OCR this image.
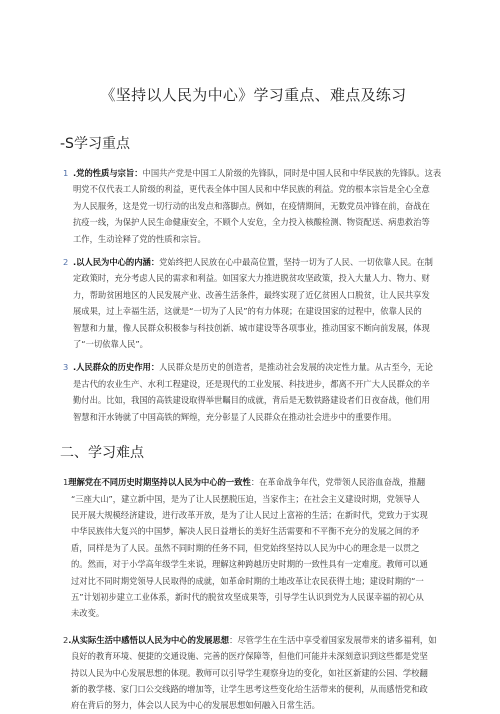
《坚持以人民为中心》学习重点、难点及练习
-S学习重点
1 .党的性质与宗旨：中国共产党是中国工人阶级的先锋队，同时是中国人民和中华民族的先锋队。这表

明党不仅代表工人阶级的利益，更代表全体中国人民和中华民族的利益。党的根本宗旨是全心全意

为人民服务，这是党一切行动的出发点和落脚点。例如，在疫情期间，无数党员冲锋在前，奋战在

抗疫一线，为保护人民生命健康安全，不顾个人安危，全力投入核酸检测、物资配送、病患救治等

工作，生动诠释了党的性质和宗旨。

2 .以人民为中心的内涵：党始终把人民放在心中最高位置，坚持一切为了人民、一切依靠人民。在制

定政策时，充分考虑人民的需求和利益。如国家大力推进脱贫攻坚政策，投入大量人力、物力、财

力，帮助贫困地区的人民发展产业、改善生活条件，最终实现了近亿贫困人口脱贫，让人民共享发

展成果，过上幸福生活，这就是“一切为了人民”的有力体现；在建设国家的过程中，依靠人民的

智慧和力量，像人民群众积极参与科技创新、城市建设等各项事业，推动国家不断向前发展，体现

了“一切依靠人民”。

3 .人民群众的历史作用：人民群众是历史的创造者，是推动社会发展的决定性力量。从古至今，无论

是古代的农业生产、水利工程建设，还是现代的工业发展、科技进步，都离不开广大人民群众的辛

勤付出。比如，我国的高铁建设取得举世瞩目的成就，背后是无数铁路建设者们日夜奋战，他们用

智慧和汗水铸就了中国高铁的辉煌，充分彰显了人民群众在推动社会进步中的重要作用。

二、学习难点

1理解党在不同历史时期坚持以人民为中心的一致性：在革命战争年代，党带领人民浴血奋战，推翻

“三座大山”，建立新中国，是为了让人民摆脱压迫，当家作主；在社会主义建设时期，党领导人

民开展大规模经济建设，进行改革开放，是为了让人民过上富裕的生活；在新时代，党致力于实现

中华民族伟大复兴的中国梦，解决人民日益增长的美好生活需要和不平衡不充分的发展之间的矛

盾，同样是为了人民。虽然不同时期的任务不同，但党始终坚持以人民为中心的理念是一以贯之

的。然而，对于小学高年级学生来说，理解这种跨越历史时期的一致性具有一定难度。教师可以通

过对比不同时期党领导人民取得的成就，如革命时期的土地改革让农民获得土地；建设时期的“一

五”计划初步建立工业体系，新时代的脱贫攻坚成果等，引导学生认识到党为人民谋幸福的初心从

未改变。

2.从实际生活中感悟以人民为中心的发展思想：尽管学生在生活中享受着国家发展带来的诸多福利，如

良好的教育环境、便捷的交通设施、完善的医疗保障等，但他们可能并未深刻意识到这些都是党坚

持以人民为中心发展思想的体现。教师可以引导学生观察身边的变化，如社区新建的公园、学校翻

新的教学楼、家门口公交线路的增加等，让学生思考这些变化给生活带来的便利，从而感悟党和政

府在背后的努力，体会以人民为中心的发展思想如何融入日常生活。
